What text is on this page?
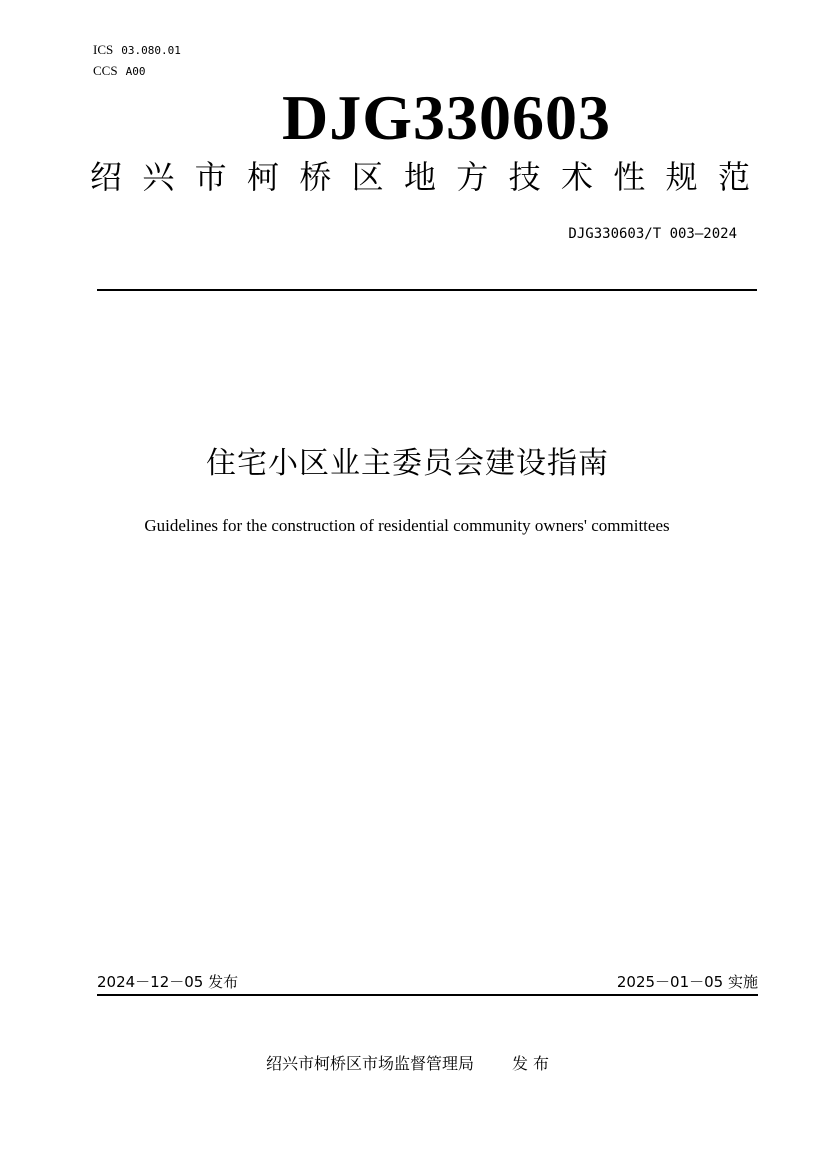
ICS 03.080.01
CCS A00
DJG330603
绍 兴 市 柯 桥 区 地 方 技 术 性 规 范
DJG330603/T 003—2024
住宅小区业主委员会建设指南
Guidelines for the construction of residential community owners' committees
2024－12－05 发布	2025－01－05 实施
绍兴市柯桥区市场监督管理局 发 布
